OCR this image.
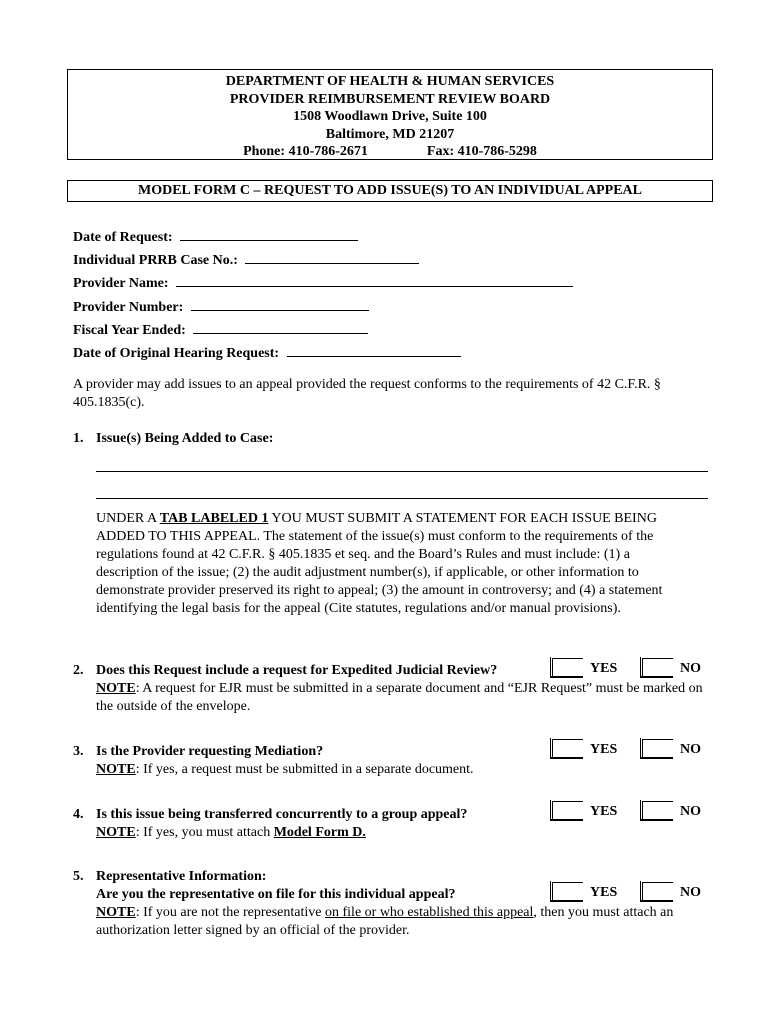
DEPARTMENT OF HEALTH & HUMAN SERVICES
PROVIDER REIMBURSEMENT REVIEW BOARD
1508 Woodlawn Drive, Suite 100
Baltimore, MD 21207
Phone: 410-786-2671	Fax: 410-786-5298
MODEL FORM C – REQUEST TO ADD ISSUE(S) TO AN INDIVIDUAL APPEAL
Date of Request:
Individual PRRB Case No.:
Provider Name:
Provider Number:
Fiscal Year Ended:
Date of Original Hearing Request:
A provider may add issues to an appeal provided the request conforms to the requirements of 42 C.F.R. § 405.1835(c).
1. Issue(s) Being Added to Case:
UNDER A TAB LABELED 1 YOU MUST SUBMIT A STATEMENT FOR EACH ISSUE BEING ADDED TO THIS APPEAL. The statement of the issue(s) must conform to the requirements of the regulations found at 42 C.F.R. § 405.1835 et seq. and the Board’s Rules and must include: (1) a description of the issue; (2) the audit adjustment number(s), if applicable, or other information to demonstrate provider preserved its right to appeal; (3) the amount in controversy; and (4) a statement identifying the legal basis for the appeal (Cite statutes, regulations and/or manual provisions).
2. Does this Request include a request for Expedited Judicial Review?
NOTE: A request for EJR must be submitted in a separate document and “EJR Request” must be marked on the outside of the envelope.
3. Is the Provider requesting Mediation?
NOTE: If yes, a request must be submitted in a separate document.
4. Is this issue being transferred concurrently to a group appeal?
NOTE: If yes, you must attach Model Form D.
5. Representative Information:
Are you the representative on file for this individual appeal?
NOTE: If you are not the representative on file or who established this appeal, then you must attach an authorization letter signed by an official of the provider.
YES	NO
YES	NO
YES	NO
YES	NO
